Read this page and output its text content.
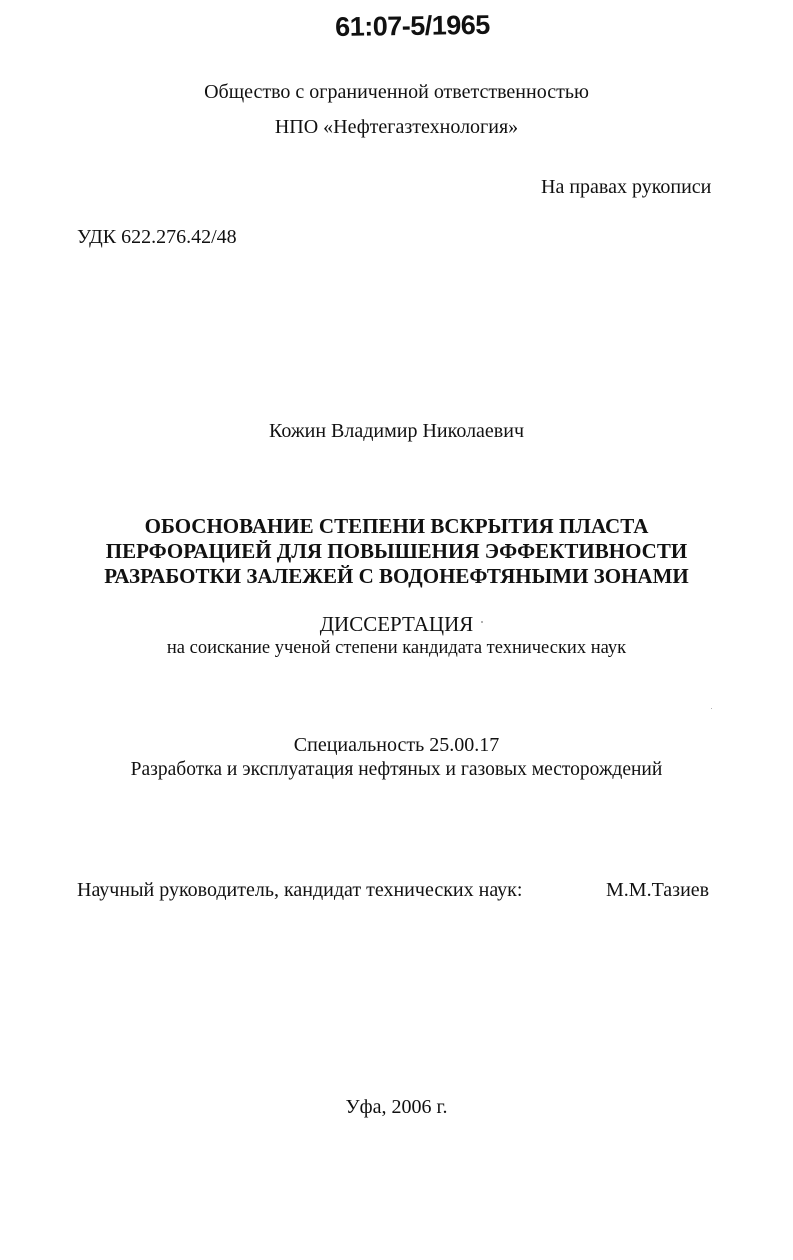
61:07-5/1965
Общество с ограниченной ответственностью
НПО «Нефтегазтехнология»
На правах рукописи
УДК 622.276.42/48
Кожин Владимир Николаевич
ОБОСНОВАНИЕ СТЕПЕНИ ВСКРЫТИЯ ПЛАСТА
ПЕРФОРАЦИЕЙ ДЛЯ ПОВЫШЕНИЯ ЭФФЕКТИВНОСТИ
РАЗРАБОТКИ ЗАЛЕЖЕЙ С ВОДОНЕФТЯНЫМИ ЗОНАМИ
ДИССЕРТАЦИЯ
на соискание ученой степени кандидата технических наук
Специальность 25.00.17
Разработка и эксплуатация нефтяных и газовых месторождений
Научный руководитель, кандидат технических наук:	М.М.Тазиев
Уфа, 2006 г.
